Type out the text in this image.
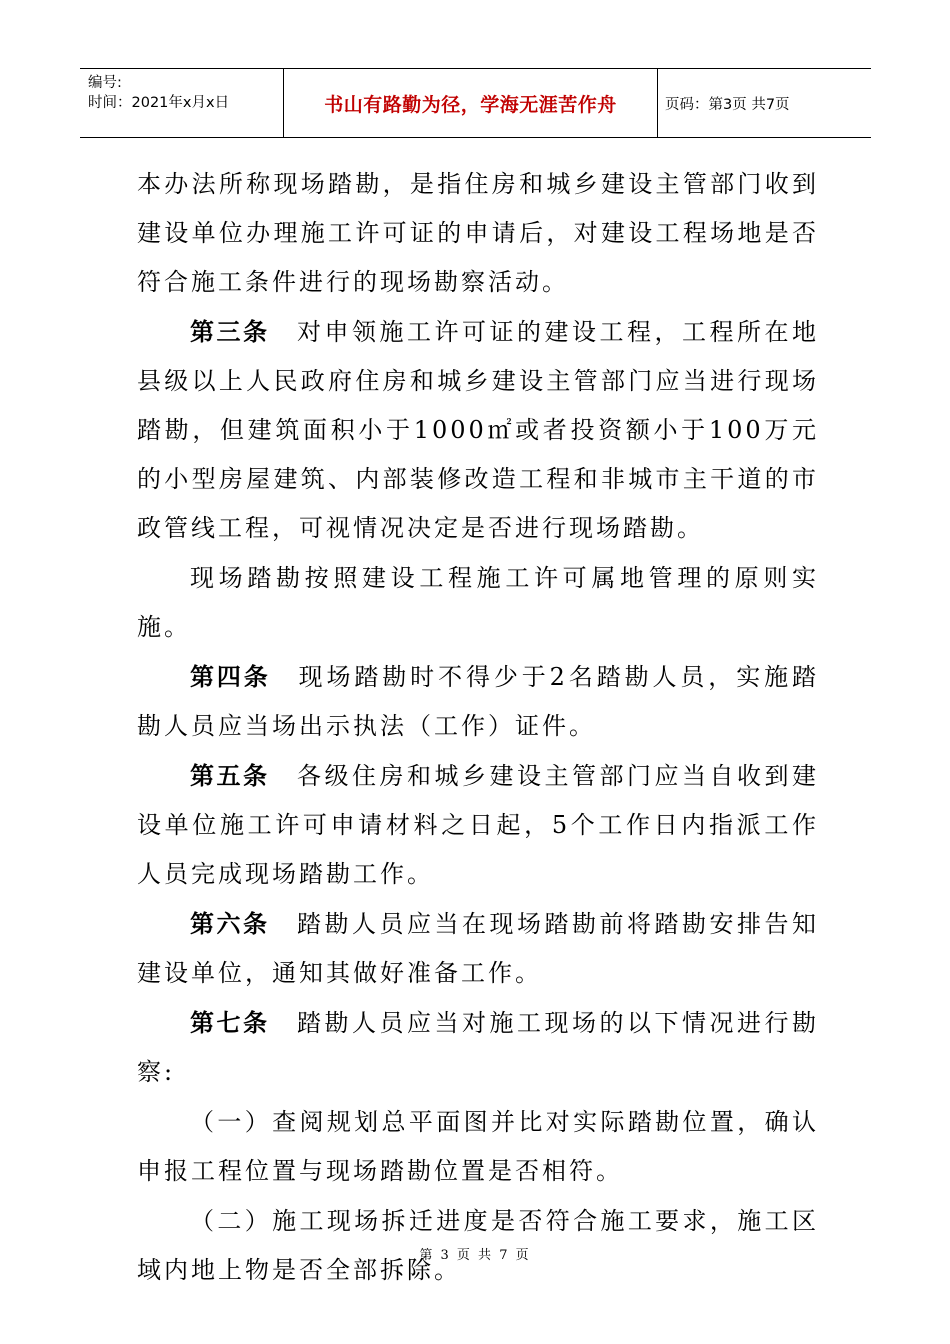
编号:
时间：2021年x月x日	书山有路勤为径，学海无涯苦作舟	页码：第3页 共7页

本办法所称现场踏勘，是指住房和城乡建设主管部门收到建设单位办理施工许可证的申请后，对建设工程场地是否符合施工条件进行的现场勘察活动。

第三条  对申领施工许可证的建设工程，工程所在地县级以上人民政府住房和城乡建设主管部门应当进行现场踏勘，但建筑面积小于1000㎡或者投资额小于100万元的小型房屋建筑、内部装修改造工程和非城市主干道的市政管线工程，可视情况决定是否进行现场踏勘。

现场踏勘按照建设工程施工许可属地管理的原则实施。

第四条  现场踏勘时不得少于2名踏勘人员，实施踏勘人员应当场出示执法（工作）证件。

第五条  各级住房和城乡建设主管部门应当自收到建设单位施工许可申请材料之日起，5个工作日内指派工作人员完成现场踏勘工作。

第六条  踏勘人员应当在现场踏勘前将踏勘安排告知建设单位，通知其做好准备工作。

第七条  踏勘人员应当对施工现场的以下情况进行勘察:

（一）查阅规划总平面图并比对实际踏勘位置，确认申报工程位置与现场踏勘位置是否相符。

（二）施工现场拆迁进度是否符合施工要求，施工区域内地上物是否全部拆除。

第 3 页 共 7 页
